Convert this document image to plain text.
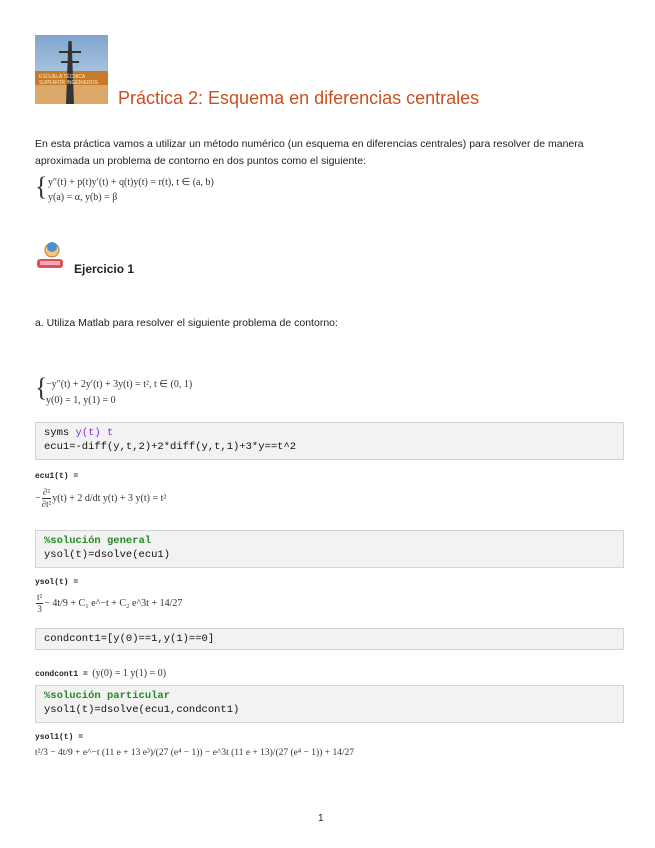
ESCUELA TÉCNICA SUPERIOR INGENIEROS
Práctica 2: Esquema en diferencias centrales
En esta práctica vamos a utilizar un método numérico (un esquema en diferencias centrales) para resolver de manera aproximada un problema de contorno en dos puntos como el siguiente:
{ y″(t) + p(t)y′(t) + q(t)y(t) = r(t), t ∈ (a, b)
y(a) = α, y(b) = β
Ejercicio 1
a. Utiliza Matlab para resolver el siguiente problema de contorno:
{
−y″(t) + 2y′(t) + 3y(t) = t², t ∈ (0, 1)
y(0) = 1, y(1) = 0
syms y(t) t
ecu1=-diff(y,t,2)+2*diff(y,t,1)+3*y==t^2
ecu1(t) =
− $\frac{\text{∂²}}{\text{∂t²}} y(t) + 2$ d/dt y(t) + 3 y(t) = t²
%solución general
ysol(t)=dsolve(ecu1)
ysol(t) =
$\frac{\text{t²}}{3} - 4t/9 + C_1$ e^−t + C₂ e^3t + 14/27
condcont1=[y(0)==1,y(1)==0]
condcont1 = (y(0) = 1 y(1) = 0)
%solución particular
ysol1(t)=dsolve(ecu1,condcont1)
ysol1(t) =
t²/3 − 4t/9 + e^−t (11 e + 13 e³)/(27 (e⁴ − 1)) − e^3t (11 e + 13)/(27 (e⁴ − 1)) + 14/27
1
